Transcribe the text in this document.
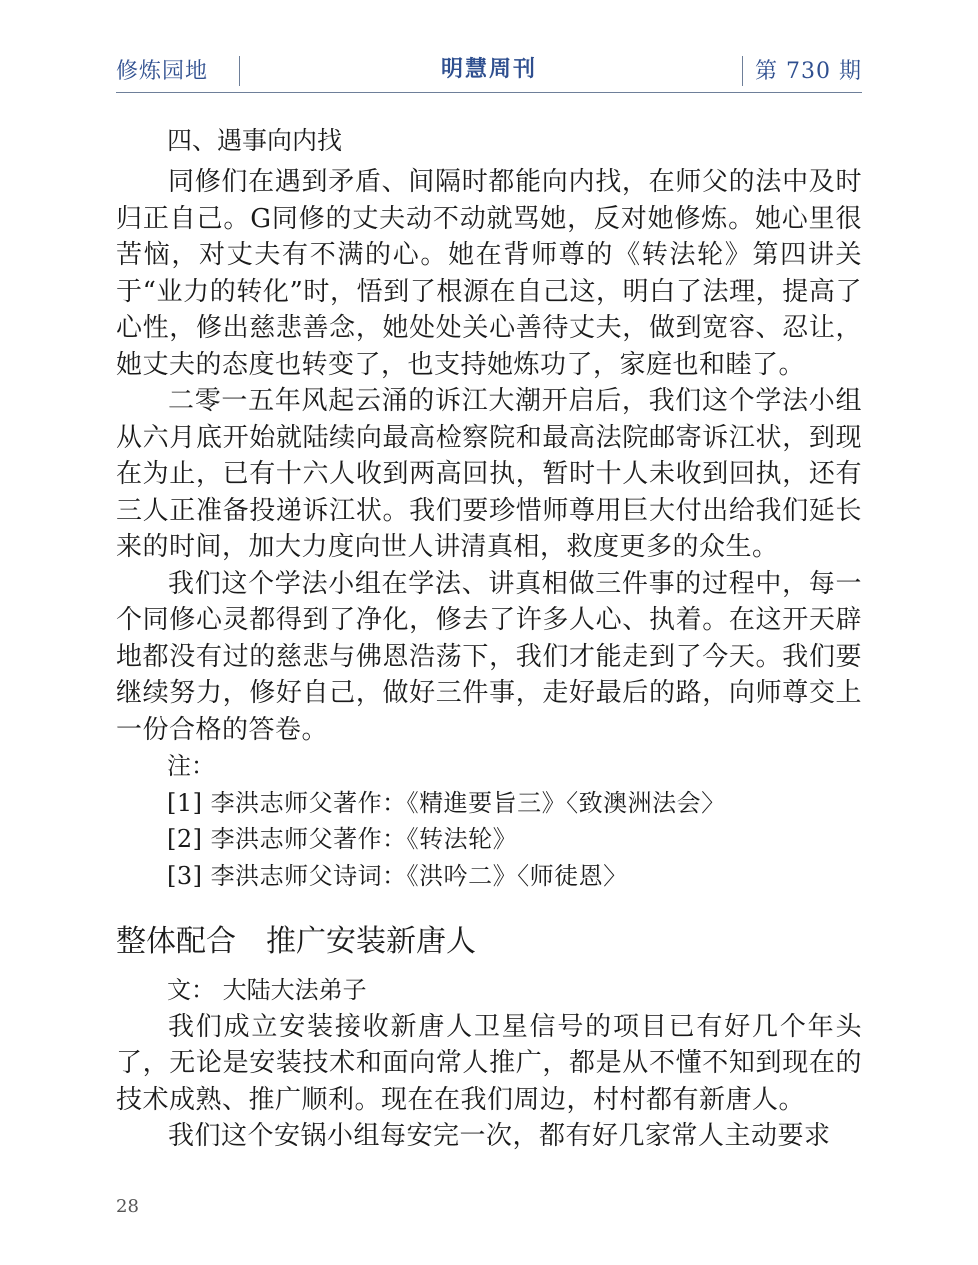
修炼园地	明慧周刊	第 730 期
四、遇事向内找

同修们在遇到矛盾、间隔时都能向内找，在师父的法中及时归正自己。G同修的丈夫动不动就骂她，反对她修炼。她心里很苦恼，对丈夫有不满的心。她在背师尊的《转法轮》第四讲关于“业力的转化”时，悟到了根源在自己这，明白了法理，提高了心性，修出慈悲善念，她处处关心善待丈夫，做到宽容、忍让，她丈夫的态度也转变了，也支持她炼功了，家庭也和睦了。

二零一五年风起云涌的诉江大潮开启后，我们这个学法小组从六月底开始就陆续向最高检察院和最高法院邮寄诉江状，到现在为止，已有十六人收到两高回执，暂时十人未收到回执，还有三人正准备投递诉江状。我们要珍惜师尊用巨大付出给我们延长来的时间，加大力度向世人讲清真相，救度更多的众生。

我们这个学法小组在学法、讲真相做三件事的过程中，每一个同修心灵都得到了净化，修去了许多人心、执着。在这开天辟地都没有过的慈悲与佛恩浩荡下，我们才能走到了今天。我们要继续努力，修好自己，做好三件事，走好最后的路，向师尊交上一份合格的答卷。

注：
[1] 李洪志师父著作：《精進要旨三》〈致澳洲法会〉
[2] 李洪志师父著作：《转法轮》
[3] 李洪志师父诗词：《洪吟二》〈师徒恩〉
整体配合　推广安装新唐人
文： 大陆大法弟子

我们成立安装接收新唐人卫星信号的项目已有好几个年头了，无论是安装技术和面向常人推广，都是从不懂不知到现在的技术成熟、推广顺利。现在在我们周边，村村都有新唐人。

我们这个安锅小组每安完一次，都有好几家常人主动要求

28
